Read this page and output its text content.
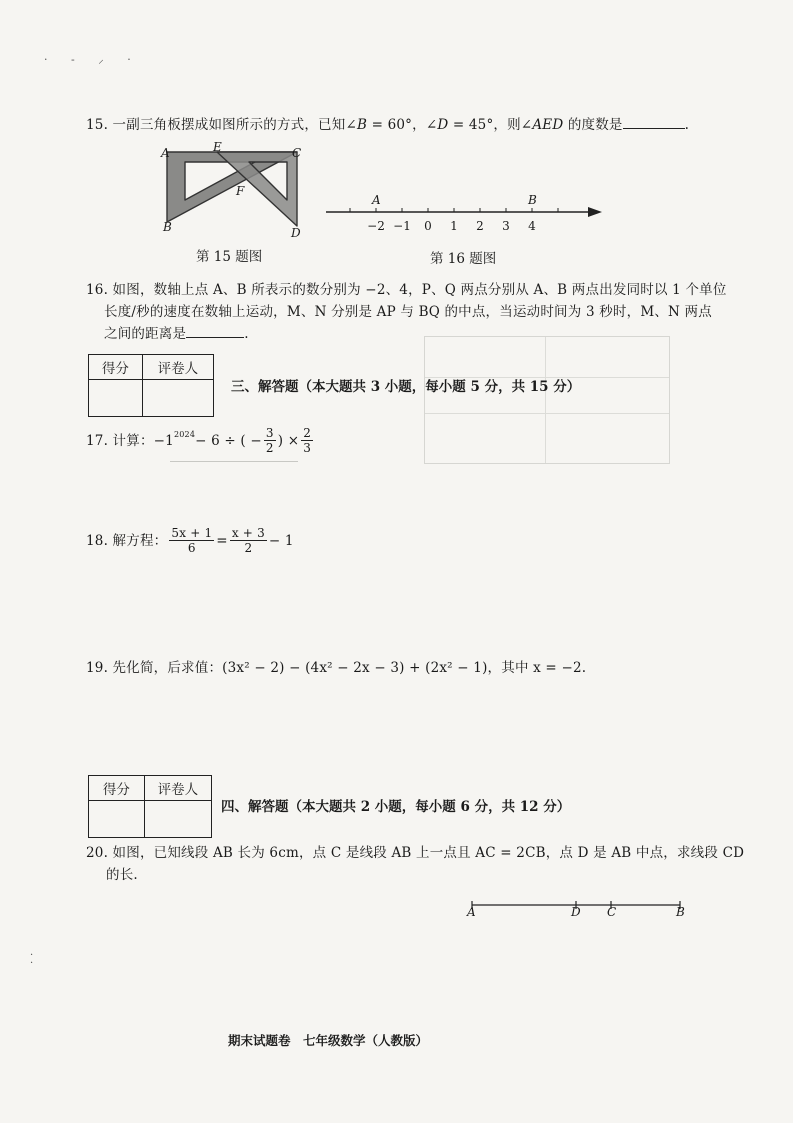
· ‐ ⸝ ·
15. 一副三角板摆成如图所示的方式，已知∠B = 60°，∠D = 45°，则∠AED 的度数是	.
A	E	C
F
B	D
第 15 题图
−2 −1 0 1 2 3 4
A	B
第 16 题图
16. 如图，数轴上点 A、B 所表示的数分别为 −2、4，P、Q 两点分别从 A、B 两点出发同时以 1 个单位
长度/秒的速度在数轴上运动，M、N 分别是 AP 与 BQ 的中点，当运动时间为 3 秒时，M、N 两点
之间的距离是	.
得分	评卷人

三、解答题（本大题共 3 小题，每小题 5 分，共 15 分）
17. 计算：$-1^{2024} - 6$ ÷ ( − $\frac{3}{2}$ ) × $\frac{2}{3}$
18. 解方程： $\frac{5x + 1}{6} = \frac{x + 3}{2} - 1$
19. 先化简，后求值：(3x² − 2) − (4x² − 2x − 3) + (2x² − 1)，其中 x = −2.
得分	评卷人

四、解答题（本大题共 2 小题，每小题 6 分，共 12 分）
20. 如图，已知线段 AB 长为 6cm，点 C 是线段 AB 上一点且 AC = 2CB，点 D 是 AB 中点，求线段 CD
的长.
A	D C	B
·
·
期末试题卷　七年级数学（人教版）
